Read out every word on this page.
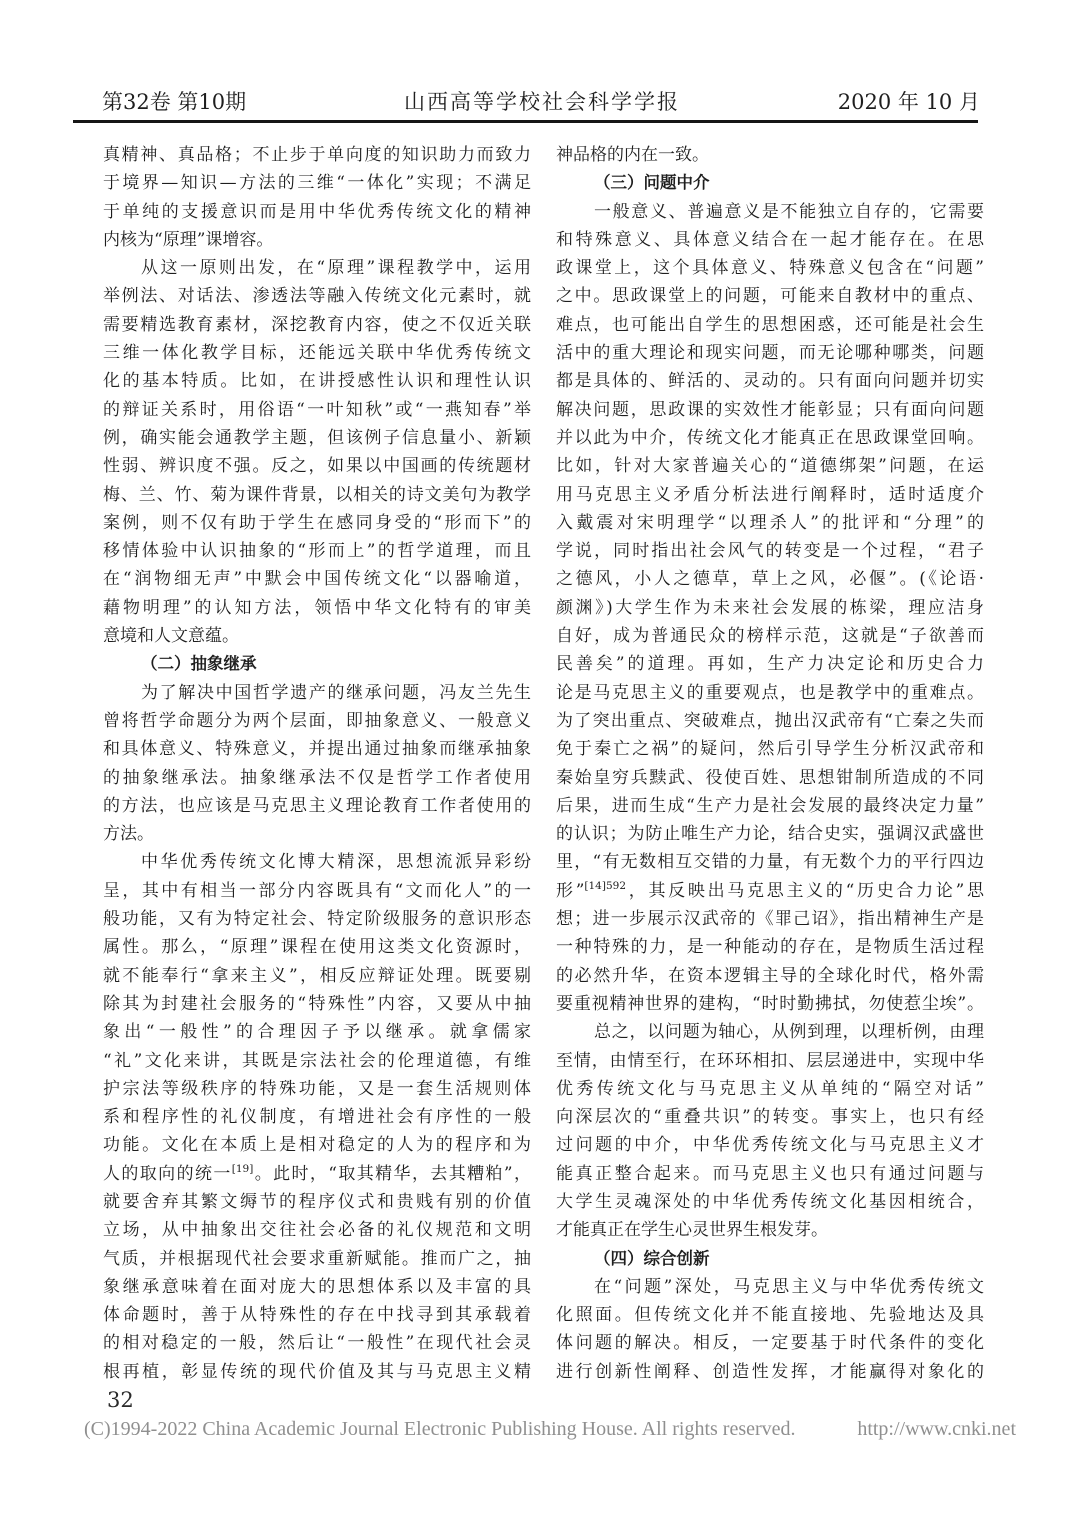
第32卷 第10期	山西高等学校社会科学学报	2020 年 10 月
真精神、真品格；不止步于单向度的知识助力而致力
于境界—知识—方法的三维“一体化”实现；不满足
于单纯的支援意识而是用中华优秀传统文化的精神
内核为“原理”课增容。
从这一原则出发，在“原理”课程教学中，运用
举例法、对话法、渗透法等融入传统文化元素时，就
需要精选教育素材，深挖教育内容，使之不仅近关联
三维一体化教学目标，还能远关联中华优秀传统文
化的基本特质。比如，在讲授感性认识和理性认识
的辩证关系时，用俗语“一叶知秋”或“一燕知春”举
例，确实能会通教学主题，但该例子信息量小、新颖
性弱、辨识度不强。反之，如果以中国画的传统题材
梅、兰、竹、菊为课件背景，以相关的诗文美句为教学
案例，则不仅有助于学生在感同身受的“形而下”的
移情体验中认识抽象的“形而上”的哲学道理，而且
在“润物细无声”中默会中国传统文化“以器喻道，
藉物明理”的认知方法，领悟中华文化特有的审美
意境和人文意蕴。
（二）抽象继承
为了解决中国哲学遗产的继承问题，冯友兰先生
曾将哲学命题分为两个层面，即抽象意义、一般意义
和具体意义、特殊意义，并提出通过抽象而继承抽象
的抽象继承法。抽象继承法不仅是哲学工作者使用
的方法，也应该是马克思主义理论教育工作者使用的
方法。
中华优秀传统文化博大精深，思想流派异彩纷
呈，其中有相当一部分内容既具有“文而化人”的一
般功能，又有为特定社会、特定阶级服务的意识形态
属性。那么，“原理”课程在使用这类文化资源时，
就不能奉行“拿来主义”，相反应辩证处理。既要剔
除其为封建社会服务的“特殊性”内容，又要从中抽
象出“一般性”的合理因子予以继承。就拿儒家
“礼”文化来讲，其既是宗法社会的伦理道德，有维
护宗法等级秩序的特殊功能，又是一套生活规则体
系和程序性的礼仪制度，有增进社会有序性的一般
功能。文化在本质上是相对稳定的人为的程序和为
人的取向的统一[19]。此时，“取其精华，去其糟粕”，
就要舍弃其繁文缛节的程序仪式和贵贱有别的价值
立场，从中抽象出交往社会必备的礼仪规范和文明
气质，并根据现代社会要求重新赋能。推而广之，抽
象继承意味着在面对庞大的思想体系以及丰富的具
体命题时，善于从特殊性的存在中找寻到其承载着
的相对稳定的一般，然后让“一般性”在现代社会灵
根再植，彰显传统的现代价值及其与马克思主义精
神品格的内在一致。
（三）问题中介
一般意义、普遍意义是不能独立自存的，它需要
和特殊意义、具体意义结合在一起才能存在。在思
政课堂上，这个具体意义、特殊意义包含在“问题”
之中。思政课堂上的问题，可能来自教材中的重点、
难点，也可能出自学生的思想困惑，还可能是社会生
活中的重大理论和现实问题，而无论哪种哪类，问题
都是具体的、鲜活的、灵动的。只有面向问题并切实
解决问题，思政课的实效性才能彰显；只有面向问题
并以此为中介，传统文化才能真正在思政课堂回响。
比如，针对大家普遍关心的“道德绑架”问题，在运
用马克思主义矛盾分析法进行阐释时，适时适度介
入戴震对宋明理学“以理杀人”的批评和“分理”的
学说，同时指出社会风气的转变是一个过程，“君子
之德风，小人之德草，草上之风，必偃”。(《论语·
颜渊》)大学生作为未来社会发展的栋梁，理应洁身
自好，成为普通民众的榜样示范，这就是“子欲善而
民善矣”的道理。再如，生产力决定论和历史合力
论是马克思主义的重要观点，也是教学中的重难点。
为了突出重点、突破难点，抛出汉武帝有“亡秦之失而
免于秦亡之祸”的疑问，然后引导学生分析汉武帝和
秦始皇穷兵黩武、役使百姓、思想钳制所造成的不同
后果，进而生成“生产力是社会发展的最终决定力量”
的认识；为防止唯生产力论，结合史实，强调汉武盛世
里，“有无数相互交错的力量，有无数个力的平行四边
形”$^{[14]592}$，其反映出马克思主义的“历史合力论”思
想；进一步展示汉武帝的《罪己诏》，指出精神生产是
一种特殊的力，是一种能动的存在，是物质生活过程
的必然升华，在资本逻辑主导的全球化时代，格外需
要重视精神世界的建构，“时时勤拂拭，勿使惹尘埃”。
总之，以问题为轴心，从例到理，以理析例，由理
至情，由情至行，在环环相扣、层层递进中，实现中华
优秀传统文化与马克思主义从单纯的“隔空对话”
向深层次的“重叠共识”的转变。事实上，也只有经
过问题的中介，中华优秀传统文化与马克思主义才
能真正整合起来。而马克思主义也只有通过问题与
大学生灵魂深处的中华优秀传统文化基因相统合，
才能真正在学生心灵世界生根发芽。
（四）综合创新
在“问题”深处，马克思主义与中华优秀传统文
化照面。但传统文化并不能直接地、先验地达及具
体问题的解决。相反，一定要基于时代条件的变化
进行创新性阐释、创造性发挥，才能赢得对象化的
32
(C)1994-2022 China Academic Journal Electronic Publishing House. All rights reserved.	http://www.cnki.net
